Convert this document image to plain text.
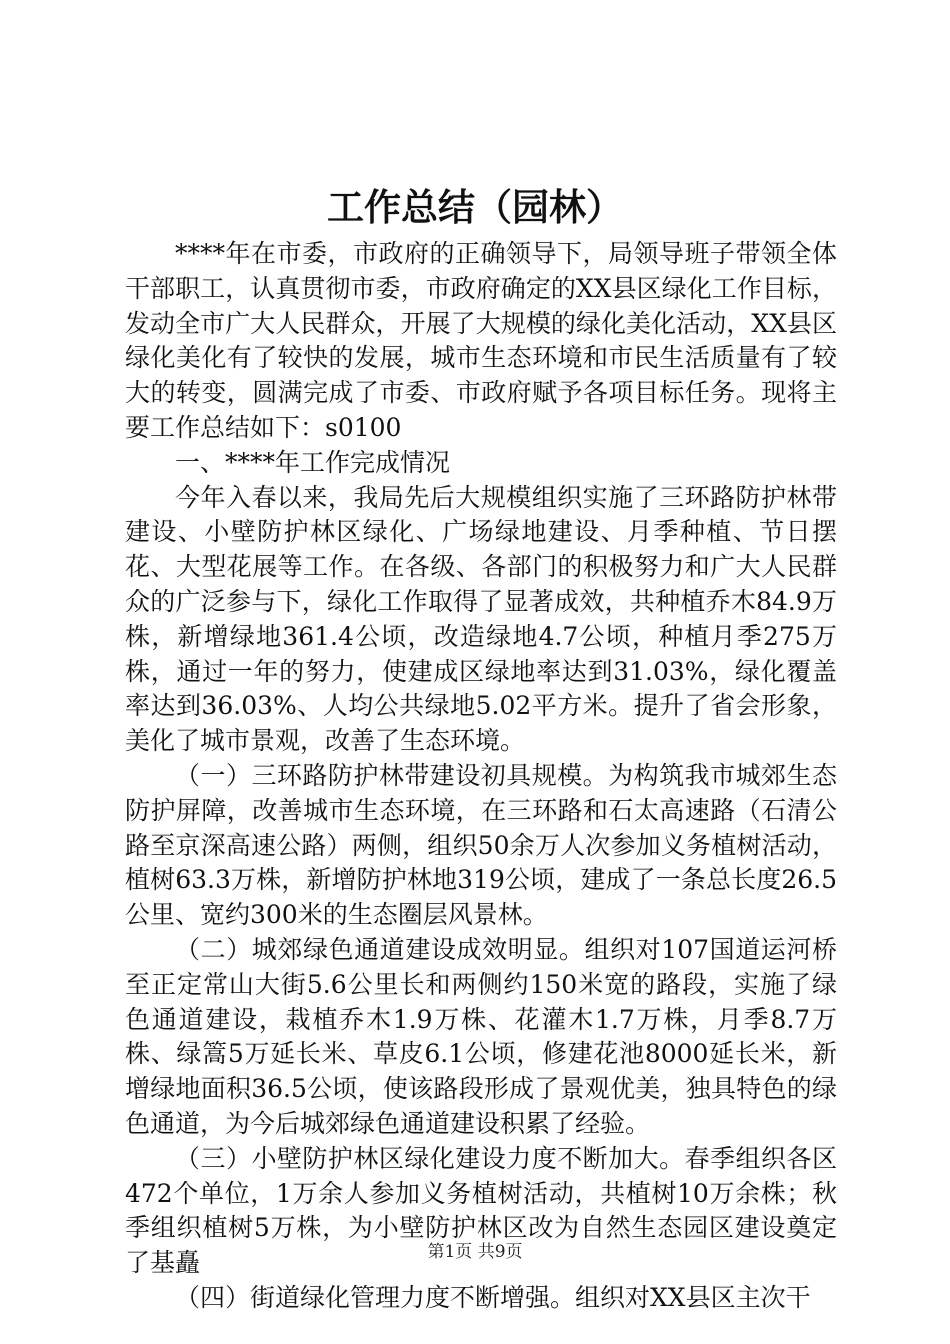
工作总结（园林）

****年在市委，市政府的正确领导下，局领导班子带领全体干部职工，认真贯彻市委，市政府确定的XX县区绿化工作目标，发动全市广大人民群众，开展了大规模的绿化美化活动，XX县区绿化美化有了较快的发展，城市生态环境和市民生活质量有了较大的转变，圆满完成了市委、市政府赋予各项目标任务。现将主要工作总结如下：s0100

一、****年工作完成情况

今年入春以来，我局先后大规模组织实施了三环路防护林带建设、小壁防护林区绿化、广场绿地建设、月季种植、节日摆花、大型花展等工作。在各级、各部门的积极努力和广大人民群众的广泛参与下，绿化工作取得了显著成效，共种植乔木84.9万株，新增绿地361.4公顷，改造绿地4.7公顷，种植月季275万株，通过一年的努力，使建成区绿地率达到31.03%，绿化覆盖率达到36.03%、人均公共绿地5.02平方米。提升了省会形象，美化了城市景观，改善了生态环境。

（一）三环路防护林带建设初具规模。为构筑我市城郊生态防护屏障，改善城市生态环境，在三环路和石太高速路（石清公路至京深高速公路）两侧，组织50余万人次参加义务植树活动，植树63.3万株，新增防护林地319公顷，建成了一条总长度26.5公里、宽约300米的生态圈层风景林。

（二）城郊绿色通道建设成效明显。组织对107国道运河桥至正定常山大街5.6公里长和两侧约150米宽的路段，实施了绿色通道建设，栽植乔木1.9万株、花灌木1.7万株，月季8.7万株、绿篙5万延长米、草皮6.1公顷，修建花池8000延长米，新增绿地面积36.5公顷，使该路段形成了景观优美，独具特色的绿色通道，为今后城郊绿色通道建设积累了经验。

（三）小壁防护林区绿化建设力度不断加大。春季组织各区472个单位，1万余人参加义务植树活动，共植树10万余株；秋季组织植树5万株，为小壁防护林区改为自然生态园区建设奠定了基矗

（四）街道绿化管理力度不断增强。组织对XX县区主次干

第1页 共9页
